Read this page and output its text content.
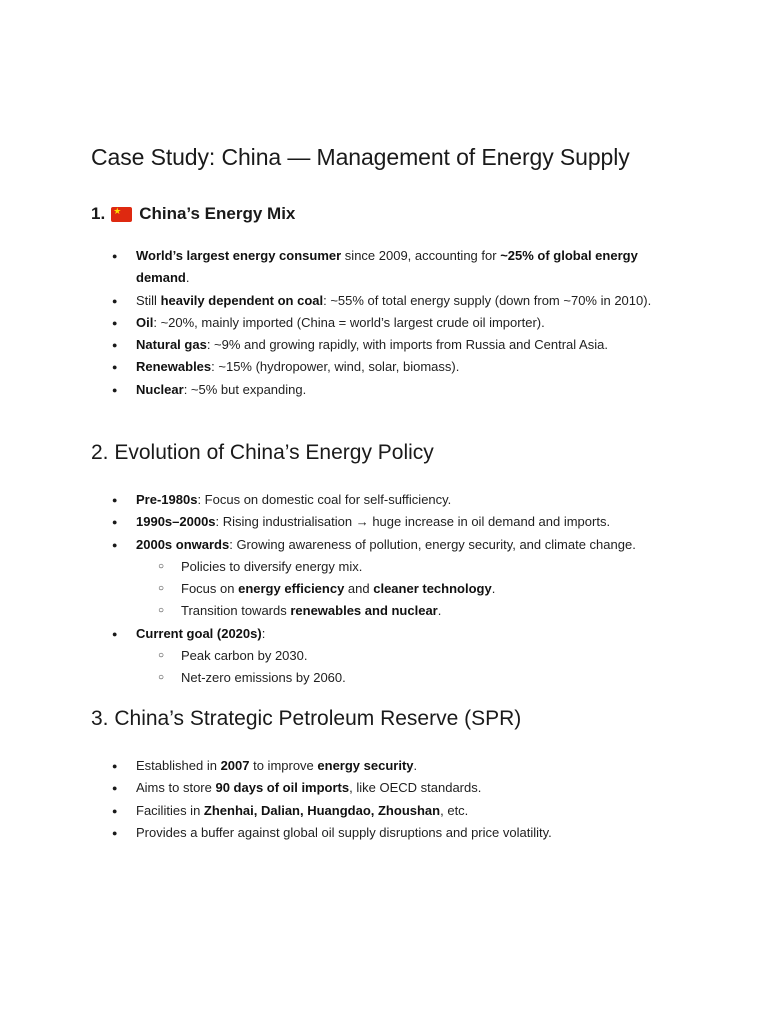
Case Study: China — Management of Energy Supply
1.
★ China’s Energy Mix
● World’s largest energy consumer since 2009, accounting for ~25% of global energy demand.
● Still heavily dependent on coal: ~55% of total energy supply (down from ~70% in 2010).
● Oil: ~20%, mainly imported (China = world’s largest crude oil importer).
● Natural gas: ~9% and growing rapidly, with imports from Russia and Central Asia.
● Renewables: ~15% (hydropower, wind, solar, biomass).
● Nuclear: ~5% but expanding.
2. Evolution of China’s Energy Policy
● Pre-1980s: Focus on domestic coal for self-sufficiency.
● 1990s–2000s: Rising industrialisation → huge increase in oil demand and imports.
● 2000s onwards: Growing awareness of pollution, energy security, and climate change.
○ Policies to diversify energy mix.
○ Focus on energy efficiency and cleaner technology.
○ Transition towards renewables and nuclear.
● Current goal (2020s):
○ Peak carbon by 2030.
○ Net-zero emissions by 2060.
3. China’s Strategic Petroleum Reserve (SPR)
● Established in 2007 to improve energy security.
● Aims to store 90 days of oil imports, like OECD standards.
● Facilities in Zhenhai, Dalian, Huangdao, Zhoushan, etc.
● Provides a buffer against global oil supply disruptions and price volatility.
